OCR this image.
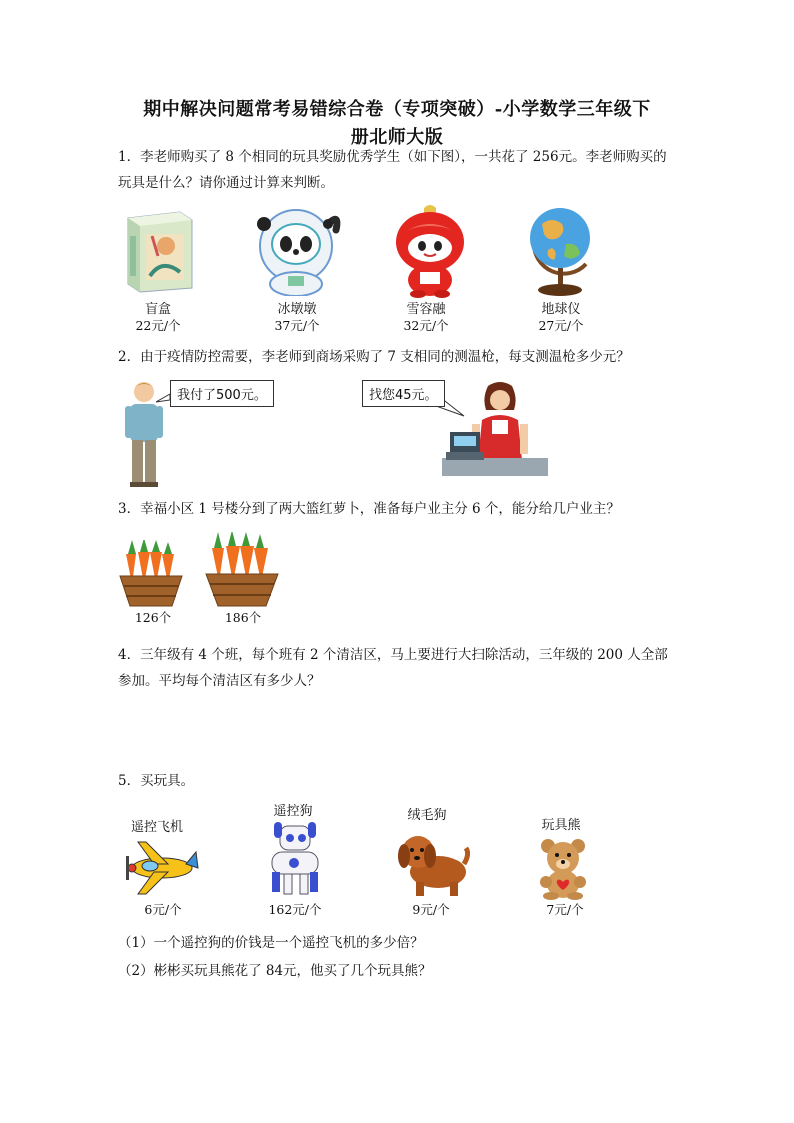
期中解决问题常考易错综合卷（专项突破）-小学数学三年级下
册北师大版
1．李老师购买了 8 个相同的玩具奖励优秀学生（如下图），一共花了 256元。李老师购买的
玩具是什么？请你通过计算来判断。
盲盒
22元/个
冰墩墩
37元/个
雪容融
32元/个
地球仪
27元/个
2．由于疫情防控需要，李老师到商场采购了 7 支相同的测温枪，每支测温枪多少元？
我付了500元。	找您45元。
3．幸福小区 1 号楼分到了两大篮红萝卜，准备每户业主分 6 个，能分给几户业主？
126个	186个
4．三年级有 4 个班，每个班有 2 个清洁区，马上要进行大扫除活动，三年级的 200 人全部
参加。平均每个清洁区有多少人？
5．买玩具。
遥控飞机
6元/个
遥控狗
162元/个
绒毛狗
9元/个
玩具熊
7元/个
（1）一个遥控狗的价钱是一个遥控飞机的多少倍？
（2）彬彬买玩具熊花了 84元，他买了几个玩具熊？
